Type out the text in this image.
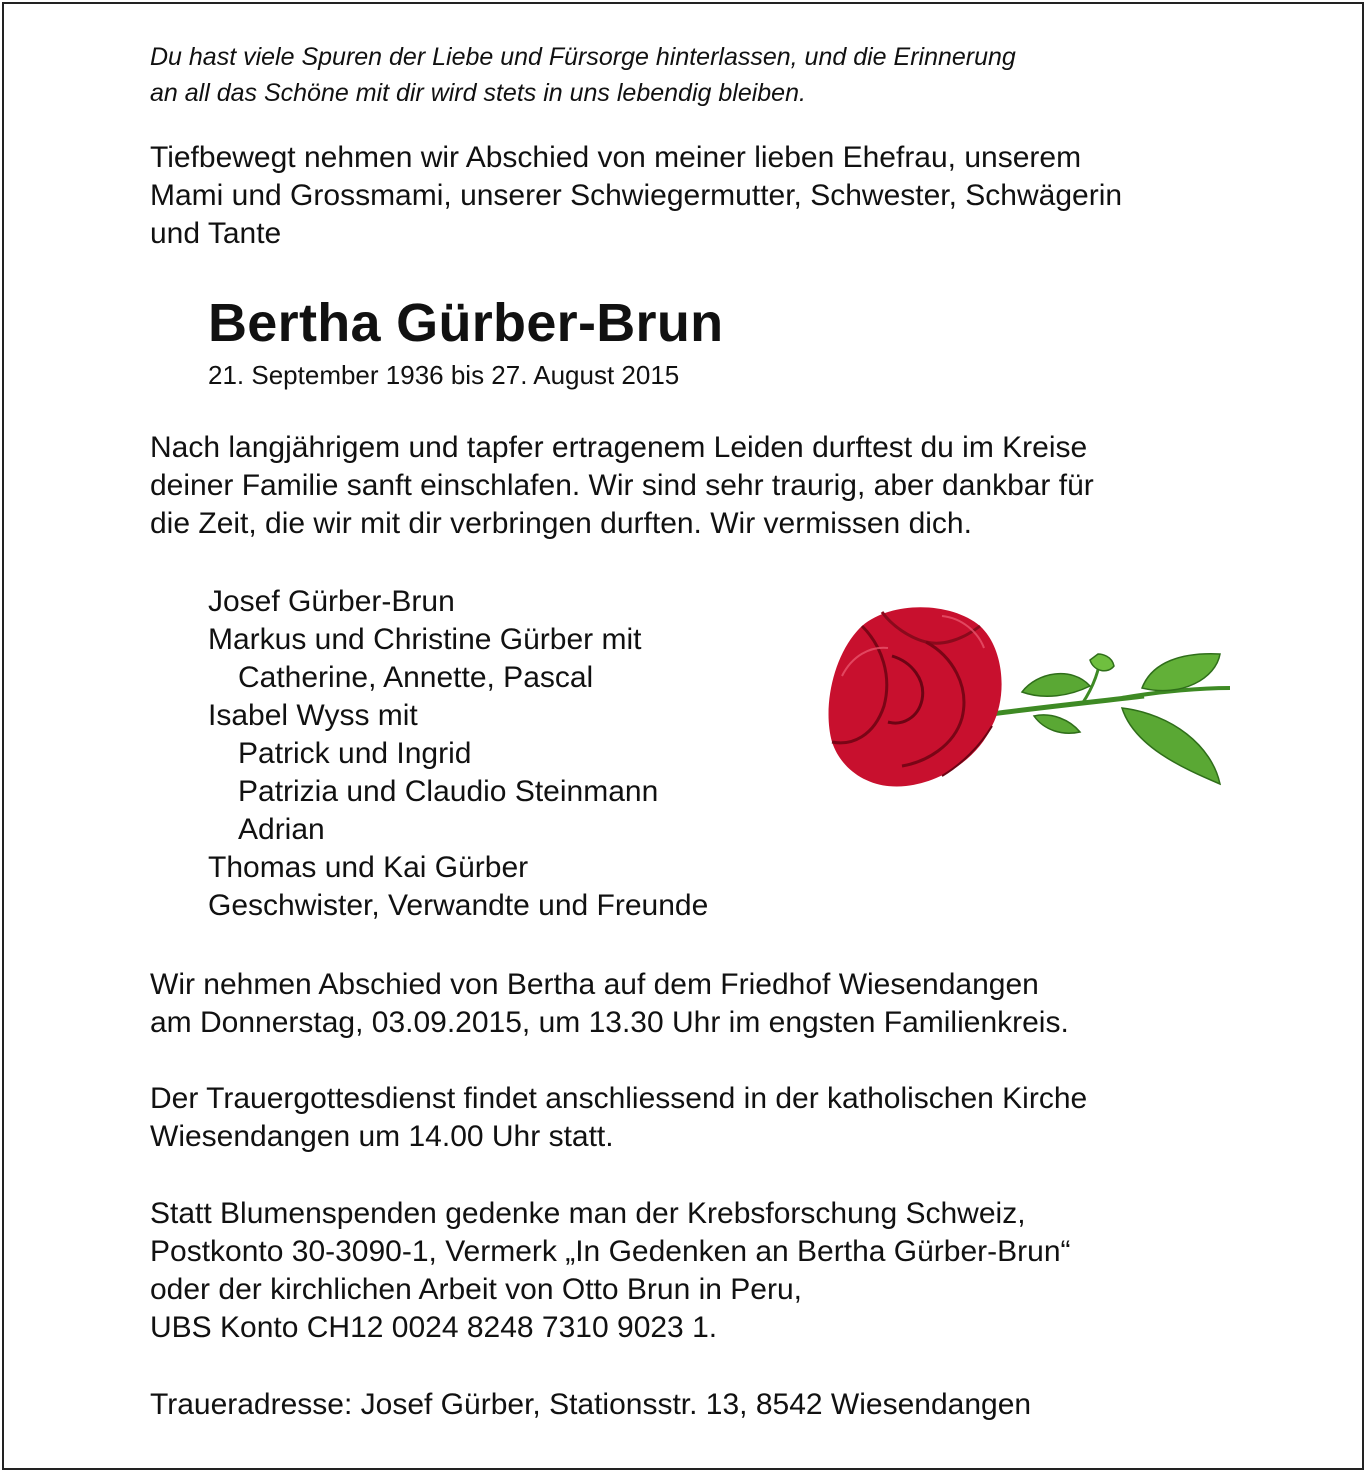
Du hast viele Spuren der Liebe und Fürsorge hinterlassen, und die Erinnerung

an all das Schöne mit dir wird stets in uns lebendig bleiben.

Tiefbewegt nehmen wir Abschied von meiner lieben Ehefrau, unserem

Mami und Grossmami, unserer Schwiegermutter, Schwester, Schwägerin

und Tante

Bertha Gürber-Brun

21. September 1936 bis 27. August 2015

Nach langjährigem und tapfer ertragenem Leiden durftest du im Kreise

deiner Familie sanft einschlafen. Wir sind sehr traurig, aber dankbar für

die Zeit, die wir mit dir verbringen durften. Wir vermissen dich.

Josef Gürber-Brun

Markus und Christine Gürber mit

Catherine, Annette, Pascal

Isabel Wyss mit

Patrick und Ingrid

Patrizia und Claudio Steinmann

Adrian

Thomas und Kai Gürber

Geschwister, Verwandte und Freunde

Wir nehmen Abschied von Bertha auf dem Friedhof Wiesendangen

am Donnerstag, 03.09.2015, um 13.30 Uhr im engsten Familienkreis.

Der Trauergottesdienst findet anschliessend in der katholischen Kirche

Wiesendangen um 14.00 Uhr statt.

Statt Blumenspenden gedenke man der Krebsforschung Schweiz,

Postkonto 30-3090-1, Vermerk „In Gedenken an Bertha Gürber-Brun“

oder der kirchlichen Arbeit von Otto Brun in Peru,

UBS Konto CH12 0024 8248 7310 9023 1.

Traueradresse: Josef Gürber, Stationsstr. 13, 8542 Wiesendangen
